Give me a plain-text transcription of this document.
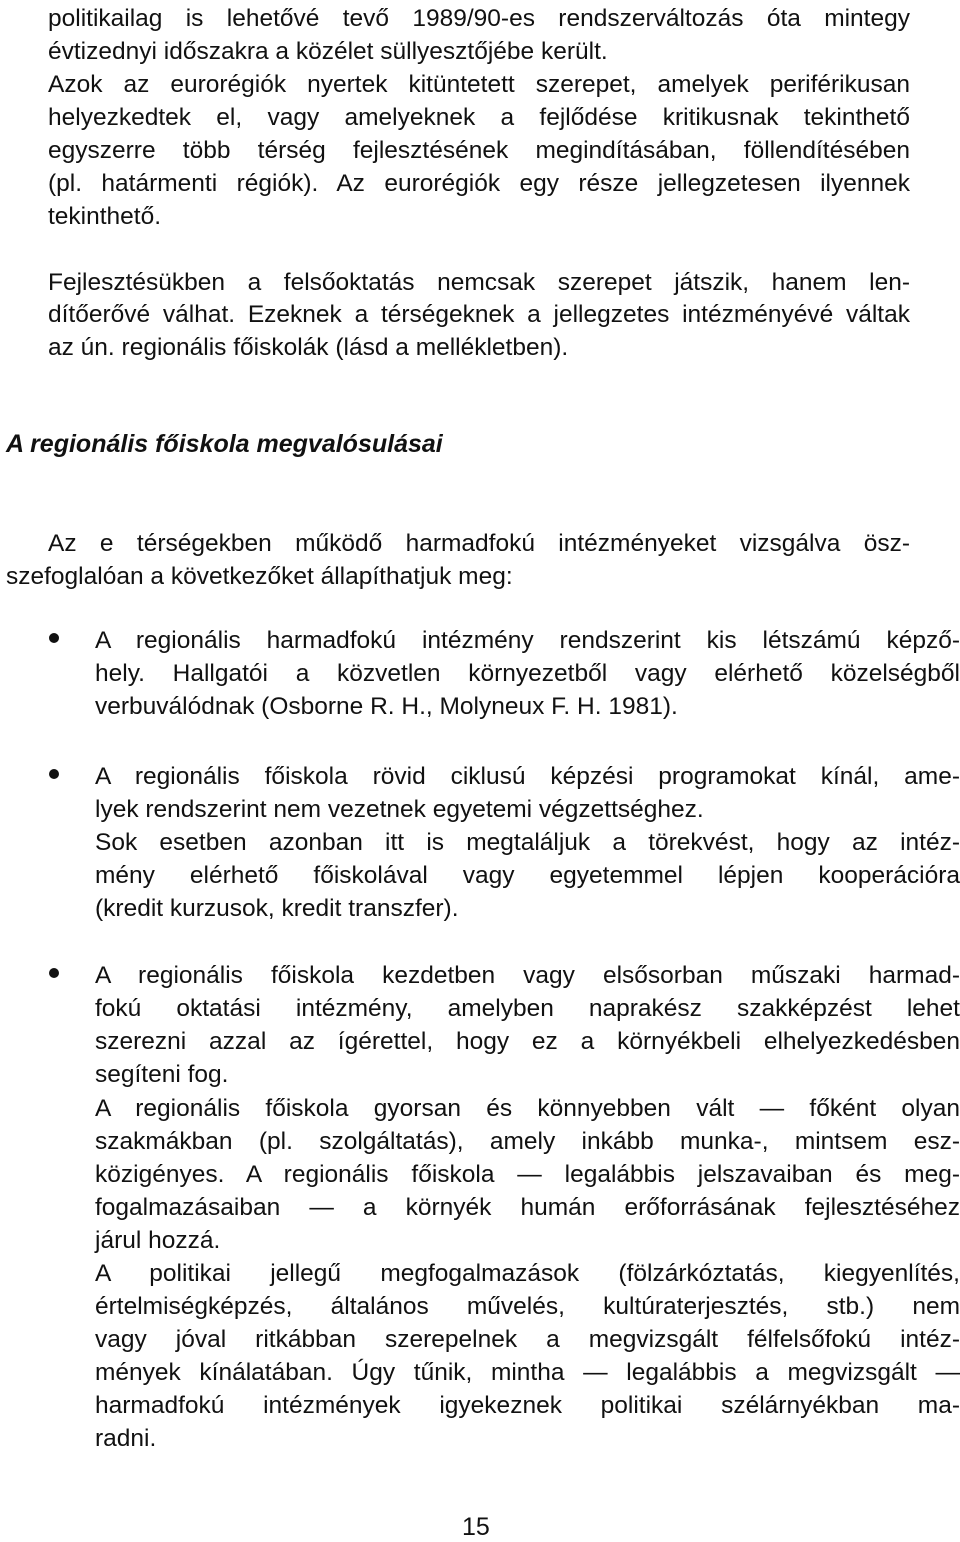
politikailag is lehetővé tevő 1989/90-es rendszerváltozás óta mintegy
évtizednyi időszakra a közélet süllyesztőjébe került.
Azok az eurorégiók nyertek kitüntetett szerepet, amelyek periférikusan
helyezkedtek el, vagy amelyeknek a fejlődése kritikusnak tekinthető
egyszerre több térség fejlesztésének megindításában, föllendítésében
(pl. határmenti régiók). Az eurorégiók egy része jellegzetesen ilyennek
tekinthető.
Fejlesztésükben a felsőoktatás nemcsak szerepet játszik, hanem len-
dítőerővé válhat. Ezeknek a térségeknek a jellegzetes intézményévé váltak
az ún. regionális főiskolák (lásd a mellékletben).
A regionális főiskola megvalósulásai
Az e térségekben működő harmadfokú intézményeket vizsgálva ösz-
szefoglalóan a következőket állapíthatjuk meg:
A regionális harmadfokú intézmény rendszerint kis létszámú képző-
hely. Hallgatói a közvetlen környezetből vagy elérhető közelségből
verbuválódnak (Osborne R. H., Molyneux F. H. 1981).
A regionális főiskola rövid ciklusú képzési programokat kínál, ame-
lyek rendszerint nem vezetnek egyetemi végzettséghez.
Sok esetben azonban itt is megtaláljuk a törekvést, hogy az intéz-
mény elérhető főiskolával vagy egyetemmel lépjen kooperációra
(kredit kurzusok, kredit transzfer).
A regionális főiskola kezdetben vagy elsősorban műszaki harmad-
fokú oktatási intézmény, amelyben naprakész szakképzést lehet
szerezni azzal az ígérettel, hogy ez a környékbeli elhelyezkedésben
segíteni fog.
A regionális főiskola gyorsan és könnyebben vált — főként olyan
szakmákban (pl. szolgáltatás), amely inkább munka-, mintsem esz-
közigényes. A regionális főiskola — legalábbis jelszavaiban és meg-
fogalmazásaiban — a környék humán erőforrásának fejlesztéséhez
járul hozzá.
A politikai jellegű megfogalmazások (fölzárkóztatás, kiegyenlítés,
értelmiségképzés, általános művelés, kultúraterjesztés, stb.) nem
vagy jóval ritkábban szerepelnek a megvizsgált félfelsőfokú intéz-
mények kínálatában. Úgy tűnik, mintha — legalábbis a megvizsgált —
harmadfokú intézmények igyekeznek politikai szélárnyékban ma-
radni.
15
